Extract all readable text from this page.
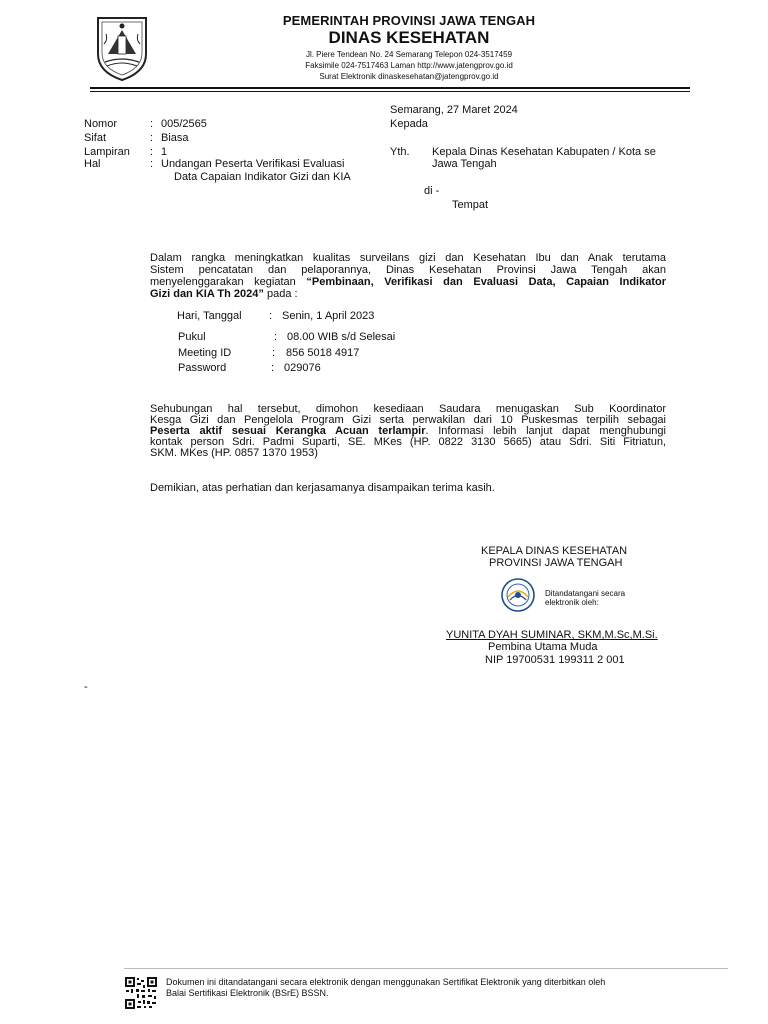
PEMERINTAH PROVINSI JAWA TENGAH
DINAS KESEHATAN
Jl. Piere Tendean No. 24 Semarang Telepon 024-3517459
Faksimile 024-7517463 Laman http://www.jatengprov.go.id
Surat Elektronik dinaskesehatan@jatengprov.go.id
Semarang, 27 Maret 2024
Kepada
Yth. Kepala Dinas Kesehatan Kabupaten / Kota se
Jawa Tengah
di -
Tempat
Nomor	: 005/2565
Sifat	: Biasa
Lampiran : 1
Hal	: Undangan Peserta Verifikasi Evaluasi
Data Capaian Indikator Gizi dan KIA
Dalam rangka meningkatkan kualitas surveilans gizi dan Kesehatan Ibu dan Anak terutama
Sistem pencatatan dan pelaporannya, Dinas Kesehatan Provinsi Jawa Tengah akan
menyelenggarakan kegiatan “Pembinaan, Verifikasi dan Evaluasi Data, Capaian Indikator
Gizi dan KIA Th 2024” pada :
Hari, Tanggal : Senin, 1 April 2023
Pukul	: 08.00 WIB s/d Selesai
Meeting ID	: 856 5018 4917
Password	: 029076
Sehubungan hal tersebut, dimohon kesediaan Saudara menugaskan Sub Koordinator
Kesga Gizi dan Pengelola Program Gizi serta perwakilan dari 10 Puskesmas terpilih sebagai
Peserta aktif sesuai Kerangka Acuan terlampir. Informasi lebih lanjut dapat menghubungi
kontak person Sdri. Padmi Suparti, SE. MKes (HP. 0822 3130 5665) atau Sdri. Siti Fitriatun,
SKM. MKes (HP. 0857 1370 1953)
Demikian, atas perhatian dan kerjasamanya disampaikan terima kasih.
KEPALA DINAS KESEHATAN
PROVINSI JAWA TENGAH
Ditandatangani secara
elektronik oleh:
YUNITA DYAH SUMINAR, SKM,M.Sc,M.Si.
Pembina Utama Muda
NIP 19700531 199311 2 001
-
Dokumen ini ditandatangani secara elektronik dengan menggunakan Sertifikat Elektronik yang diterbitkan oleh
Balai Sertifikasi Elektronik (BSrE) BSSN.
